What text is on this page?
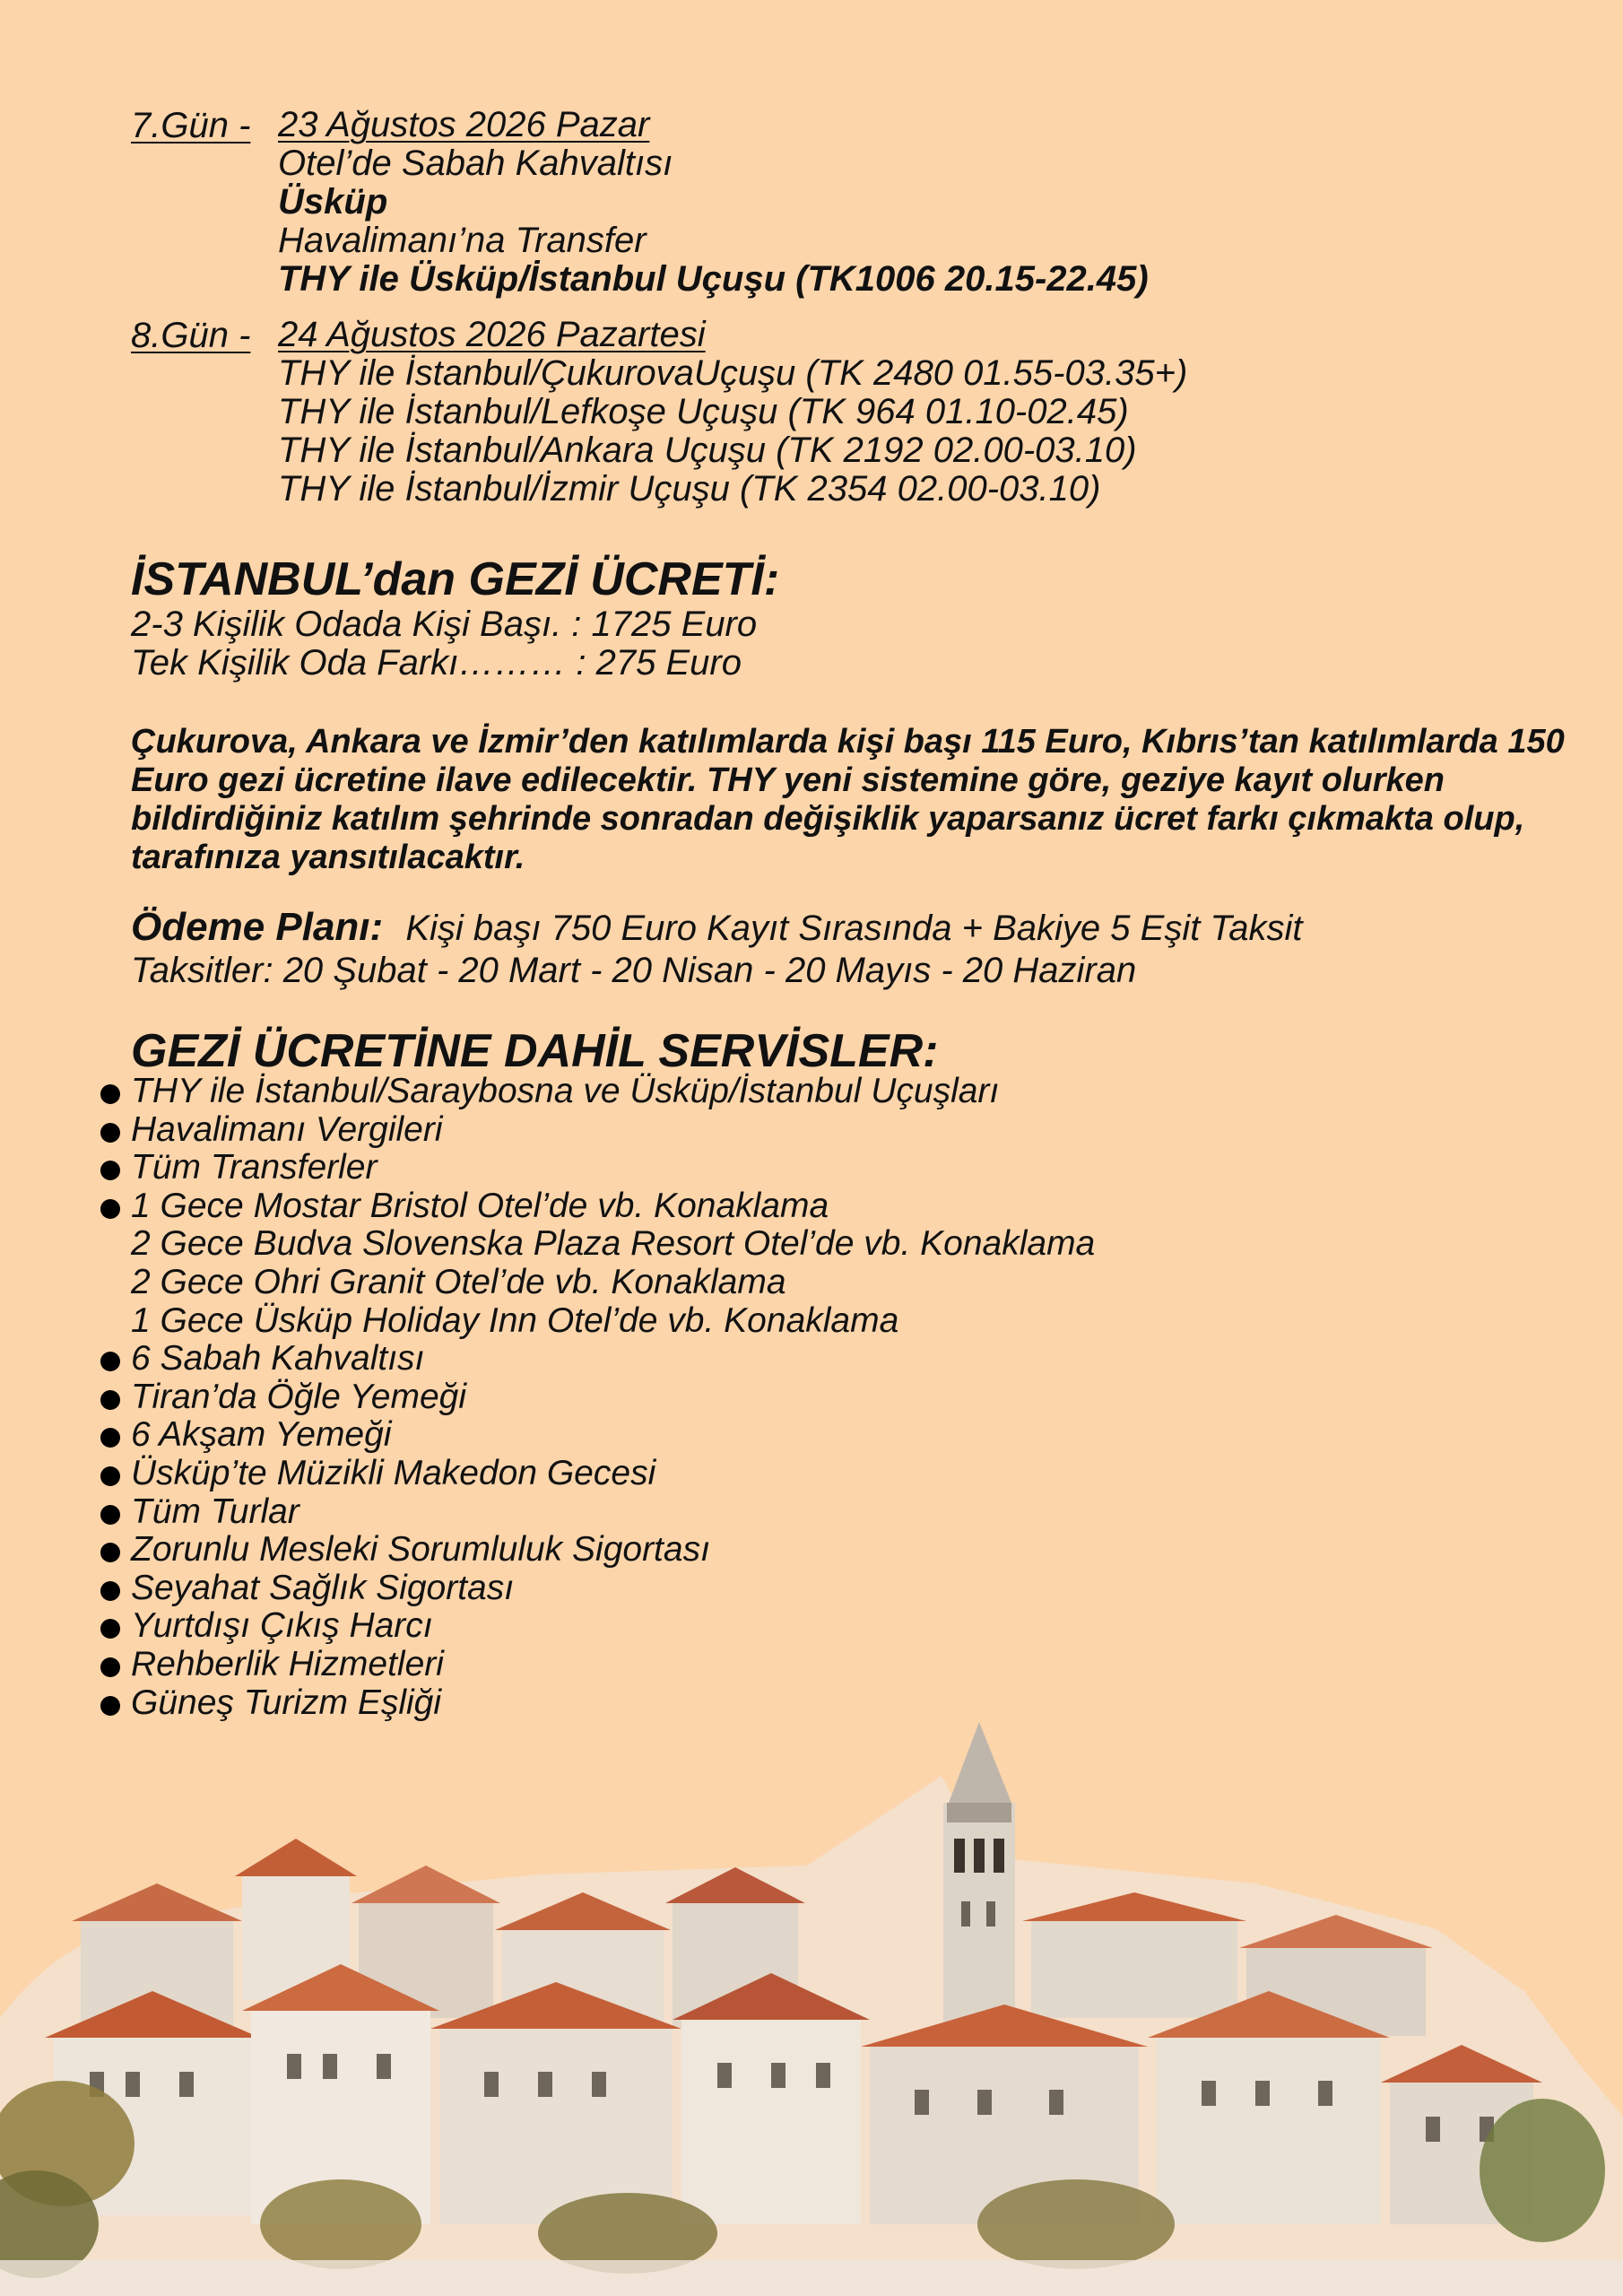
7.Gün - 23 Ağustos 2026 Pazar
Otel’de Sabah Kahvaltısı
Üsküp
Havalimanı’na Transfer
THY ile Üsküp/İstanbul Uçuşu (TK1006 20.15-22.45)
8.Gün - 24 Ağustos 2026 Pazartesi
THY ile İstanbul/ÇukurovaUçuşu (TK 2480 01.55-03.35+)
THY ile İstanbul/Lefkoşe Uçuşu (TK 964 01.10-02.45)
THY ile İstanbul/Ankara Uçuşu (TK 2192 02.00-03.10)
THY ile İstanbul/İzmir Uçuşu (TK 2354 02.00-03.10)
İSTANBUL’dan GEZİ ÜCRETİ:
2-3 Kişilik Odada Kişi Başı. : 1725 Euro
Tek Kişilik Oda Farkı……… : 275 Euro
Çukurova, Ankara ve İzmir’den katılımlarda kişi başı 115 Euro, Kıbrıs’tan katılımlarda 150 Euro gezi ücretine ilave edilecektir. THY yeni sistemine göre, geziye kayıt olurken bildirdiğiniz katılım şehrinde sonradan değişiklik yaparsanız ücret farkı çıkmakta olup, tarafınıza yansıtılacaktır.
Ödeme Planı: Kişi başı 750 Euro Kayıt Sırasında + Bakiye 5 Eşit Taksit
Taksitler: 20 Şubat - 20 Mart - 20 Nisan - 20 Mayıs - 20 Haziran
GEZİ ÜCRETİNE DAHİL SERVİSLER:
THY ile İstanbul/Saraybosna ve Üsküp/İstanbul Uçuşları
Havalimanı Vergileri
Tüm Transferler
1 Gece Mostar Bristol Otel’de vb. Konaklama
2 Gece Budva Slovenska Plaza Resort Otel’de vb. Konaklama
2 Gece Ohri Granit Otel’de vb. Konaklama
1 Gece Üsküp Holiday Inn Otel’de vb. Konaklama
6 Sabah Kahvaltısı
Tiran’da Öğle Yemeği
6 Akşam Yemeği
Üsküp’te Müzikli Makedon Gecesi
Tüm Turlar
Zorunlu Mesleki Sorumluluk Sigortası
Seyahat Sağlık Sigortası
Yurtdışı Çıkış Harcı
Rehberlik Hizmetleri
Güneş Turizm Eşliği
